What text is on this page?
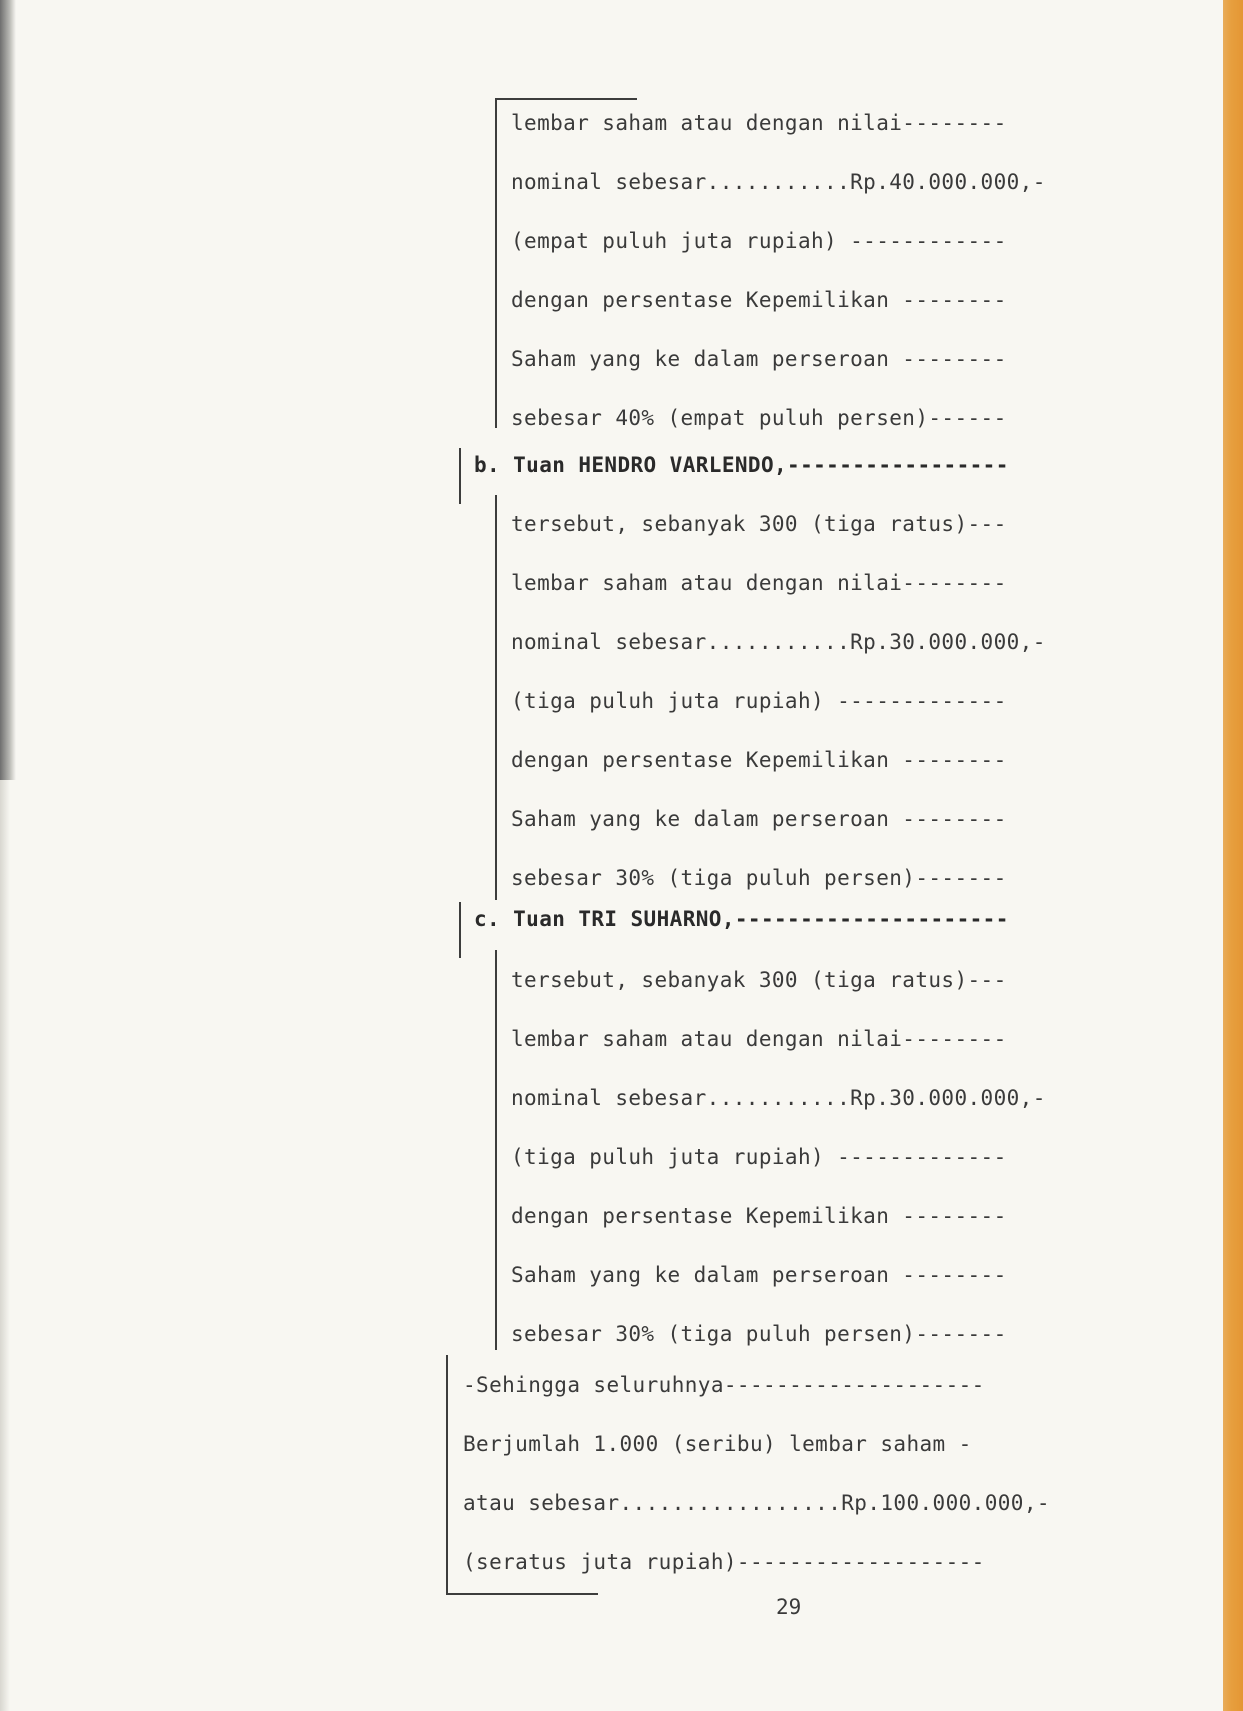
lembar saham atau dengan nilai--------
nominal sebesar...........Rp.40.000.000,-
(empat puluh juta rupiah) ------------
dengan persentase Kepemilikan --------
Saham yang ke dalam perseroan --------
sebesar 40% (empat puluh persen)------
b. Tuan HENDRO VARLENDO,-----------------
tersebut, sebanyak 300 (tiga ratus)---
lembar saham atau dengan nilai--------
nominal sebesar...........Rp.30.000.000,-
(tiga puluh juta rupiah) -------------
dengan persentase Kepemilikan --------
Saham yang ke dalam perseroan --------
sebesar 30% (tiga puluh persen)-------
c. Tuan TRI SUHARNO,---------------------
tersebut, sebanyak 300 (tiga ratus)---
lembar saham atau dengan nilai--------
nominal sebesar...........Rp.30.000.000,-
(tiga puluh juta rupiah) -------------
dengan persentase Kepemilikan --------
Saham yang ke dalam perseroan --------
sebesar 30% (tiga puluh persen)-------
-Sehingga seluruhnya--------------------
Berjumlah 1.000 (seribu) lembar saham -
atau sebesar.................Rp.100.000.000,-
(seratus juta rupiah)-------------------
29
